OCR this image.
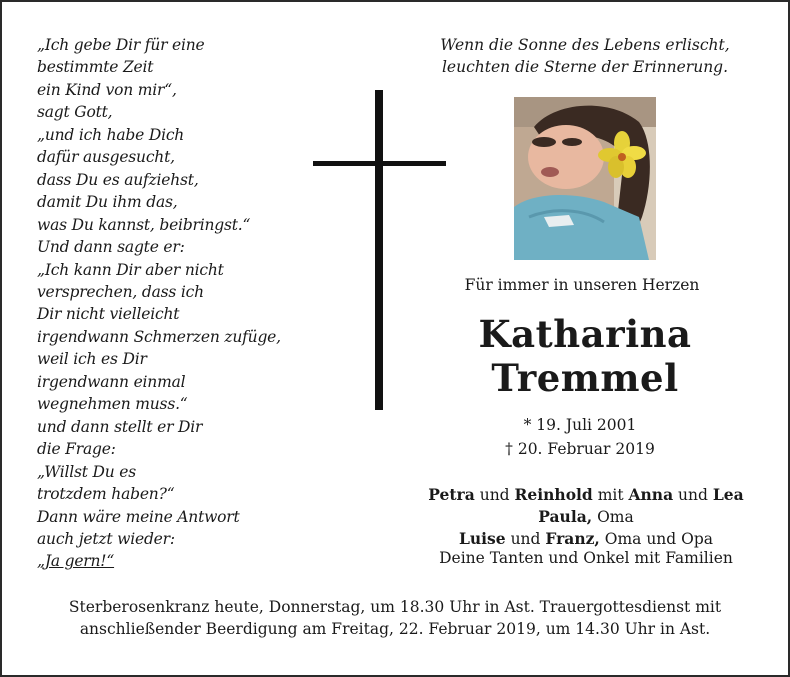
„Ich gebe Dir für eine
bestimmte Zeit
ein Kind von mir“,
sagt Gott,
„und ich habe Dich
dafür ausgesucht,
dass Du es aufziehst,
damit Du ihm das,
was Du kannst, beibringst.“
Und dann sagte er:
„Ich kann Dir aber nicht
versprechen, dass ich
Dir nicht vielleicht
irgendwann Schmerzen zufüge,
weil ich es Dir
irgendwann einmal
wegnehmen muss.“
und dann stellt er Dir
die Frage:
„Willst Du es
trotzdem haben?“
Dann wäre meine Antwort
auch jetzt wieder:
„Ja gern!“
Wenn die Sonne des Lebens erlischt,
leuchten die Sterne der Erinnerung.
Für immer in unseren Herzen
Katharina
Tremmel
* 19. Juli 2001
† 20. Februar 2019
Petra und Reinhold mit Anna und Lea
Paula, Oma
Luise und Franz, Oma und Opa
Deine Tanten und Onkel mit Familien
Sterberosenkranz heute, Donnerstag, um 18.30 Uhr in Ast. Trauergottesdienst mit
anschließender Beerdigung am Freitag, 22. Februar 2019, um 14.30 Uhr in Ast.
